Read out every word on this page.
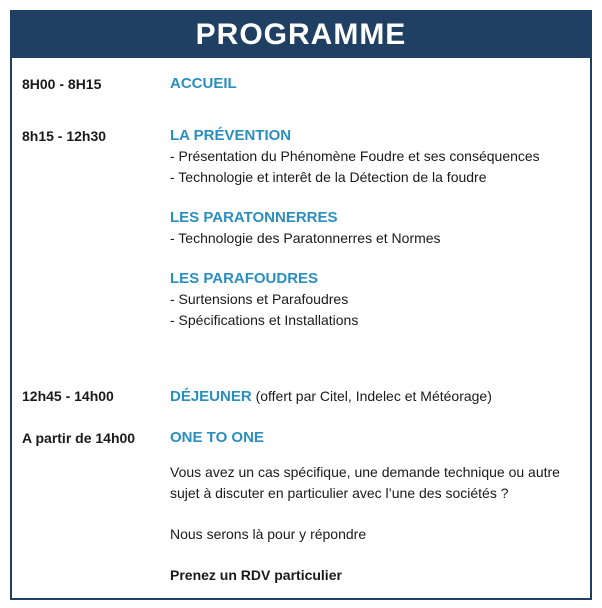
PROGRAMME
8H00 - 8H15	ACCUEIL
8h15 - 12h30	LA PRÉVENTION
- Présentation du Phénomène Foudre et ses conséquences
- Technologie et interêt de la Détection de la foudre
LES PARATONNERRES
- Technologie des Paratonnerres et Normes
LES PARAFOUDRES
- Surtensions et Parafoudres
- Spécifications et Installations
12h45 - 14h00	DÉJEUNER (offert par Citel, Indelec et Météorage)
A partir de 14h00 ONE TO ONE
Vous avez un cas spécifique, une demande technique ou autre sujet à discuter en particulier avec l’une des sociétés ?
Nous serons là pour y répondre
Prenez un RDV particulier
